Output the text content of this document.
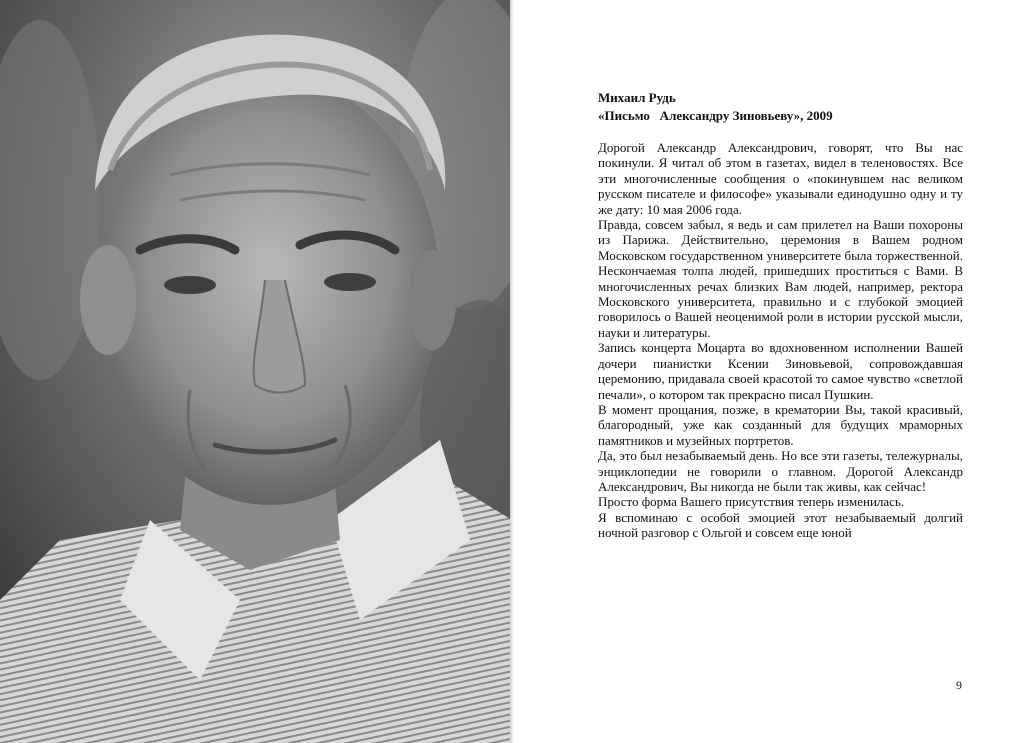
Михаил Рудь
«Письмо   Александру Зиновьеву», 2009

Дорогой Александр Александрович, говорят, что Вы нас покинули. Я читал об этом в газетах, видел в теленовостях. Все эти многочисленные сообщения о «покинувшем нас великом русском писателе и философе» указывали единодушно одну и ту же дату: 10 мая 2006 года.

Правда, совсем забыл, я ведь и сам прилетел на Ваши похороны из Парижа. Действительно, церемония в Вашем родном Московском государственном университете была торжественной. Нескончаемая толпа людей, пришедших проститься с Вами. В многочисленных речах близких Вам людей, например, ректора Московского университета, правильно и с глубокой эмоцией говорилось о Вашей неоценимой роли в истории русской мысли, науки и литературы.

Запись концерта Моцарта во вдохновенном исполнении Вашей дочери пианистки Ксении Зиновьевой, сопровождавшая церемонию, придавала своей красотой то самое чувство «светлой печали», о котором так прекрасно писал Пушкин.

В момент прощания, позже, в крематории Вы, такой красивый, благородный, уже как созданный для будущих мраморных памятников и музейных портретов.

Да, это был незабываемый день. Но все эти газеты, тележурналы, энциклопедии не говорили о главном. Дорогой Александр Александрович, Вы никогда не были так живы, как сейчас!

Просто форма Вашего присутствия теперь изменилась.

Я вспоминаю с особой эмоцией этот незабываемый долгий ночной разговор с Ольгой и совсем еще юной

9
